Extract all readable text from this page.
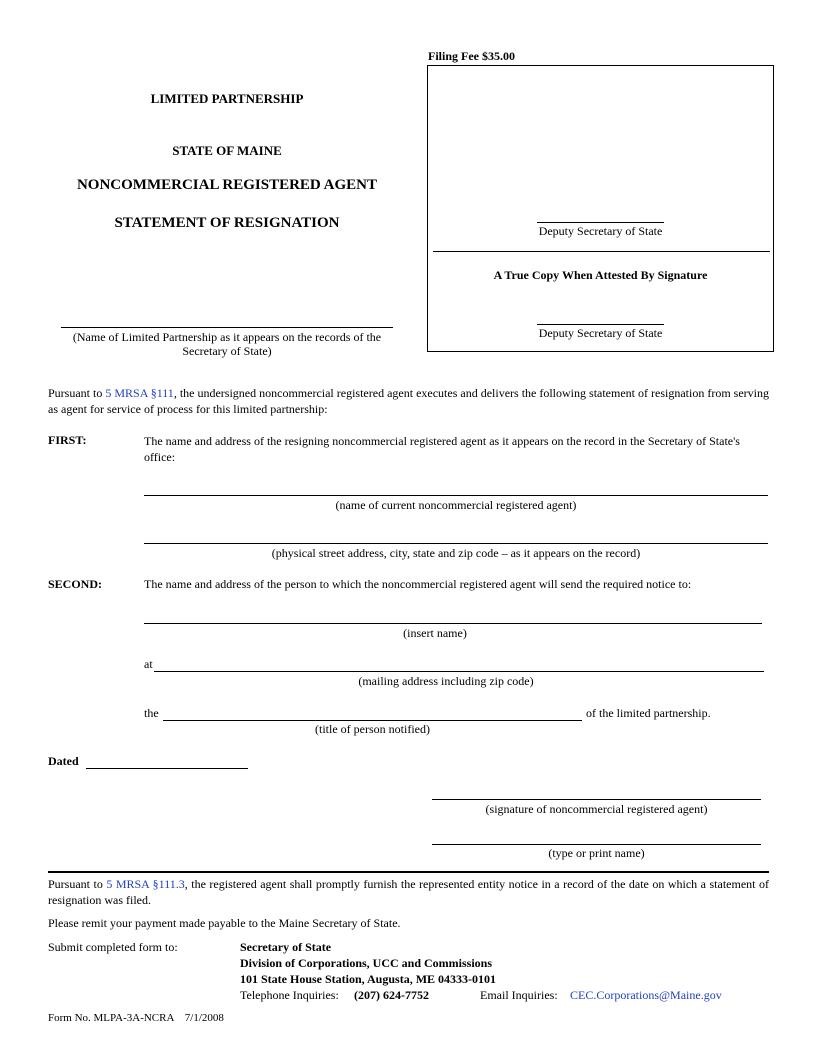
Filing Fee $35.00
LIMITED PARTNERSHIP
STATE OF MAINE
NONCOMMERCIAL REGISTERED AGENT
STATEMENT OF RESIGNATION
(Name of Limited Partnership as it appears on the records of the Secretary of State)
Deputy Secretary of State
A True Copy When Attested By Signature
Deputy Secretary of State
Pursuant to 5 MRSA §111, the undersigned noncommercial registered agent executes and delivers the following statement of resignation from serving as agent for service of process for this limited partnership:
FIRST:	The name and address of the resigning noncommercial registered agent as it appears on the record in the Secretary of State's office:
(name of current noncommercial registered agent)
(physical street address, city, state and zip code – as it appears on the record)
SECOND:	The name and address of the person to which the noncommercial registered agent will send the required notice to:
(insert name)
at
(mailing address including zip code)
the	of the limited partnership.
(title of person notified)
Dated
(signature of noncommercial registered agent)
(type or print name)
Pursuant to 5 MRSA §111.3, the registered agent shall promptly furnish the represented entity notice in a record of the date on which a statement of resignation was filed.
Please remit your payment made payable to the Maine Secretary of State.
Submit completed form to:	Secretary of State
Division of Corporations, UCC and Commissions
101 State House Station, Augusta, ME 04333-0101
Telephone Inquiries: (207) 624-7752	Email Inquiries: CEC.Corporations@Maine.gov
Form No. MLPA-3A-NCRA    7/1/2008
